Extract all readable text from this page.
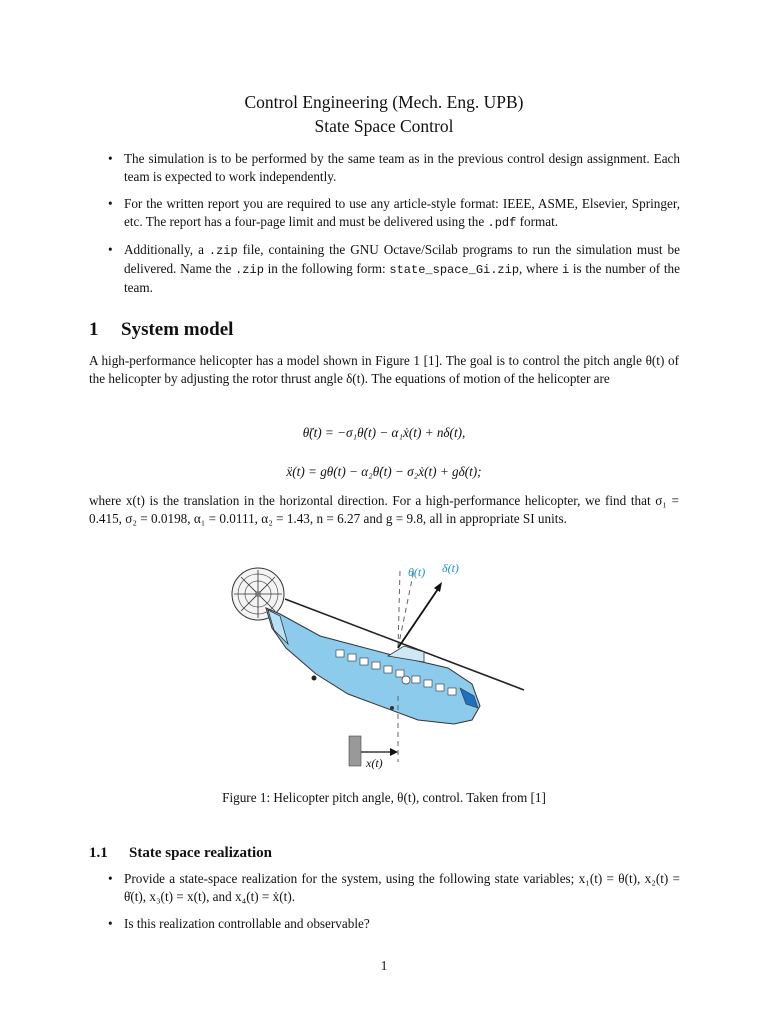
Control Engineering (Mech. Eng. UPB)
State Space Control
• The simulation is to be performed by the same team as in the previous control design assignment. Each team is expected to work independently.
• For the written report you are required to use any article-style format: IEEE, ASME, Elsevier, Springer, etc. The report has a four-page limit and must be delivered using the .pdf format.
• Additionally, a .zip file, containing the GNU Octave/Scilab programs to run the simulation must be delivered. Name the .zip in the following form: state_space_Gi.zip, where i is the number of the team.
1 System model

A high-performance helicopter has a model shown in Figure 1 [1]. The goal is to control the pitch angle θ(t) of the helicopter by adjusting the rotor thrust angle δ(t). The equations of motion of the helicopter are

θ̈(t) = −σ₁θ̇(t) − α₁ẋ(t) + nδ(t),
ẍ(t) = gθ(t) − α₂θ̇(t) − σ₂ẋ(t) + gδ(t);

where x(t) is the translation in the horizontal direction. For a high-performance helicopter, we find that σ₁ = 0.415, σ₂ = 0.0198, α₁ = 0.0111, α₂ = 1.43, n = 6.27 and g = 9.8, all in appropriate SI units.

θ(t) δ(t)
x(t)
Figure 1: Helicopter pitch angle, θ(t), control. Taken from [1]
1.1 State space realization
• Provide a state-space realization for the system, using the following state variables; x₁(t) = θ(t), x₂(t) = θ̇(t), x₃(t) = x(t), and x₄(t) = ẋ(t).
• Is this realization controllable and observable?
1
